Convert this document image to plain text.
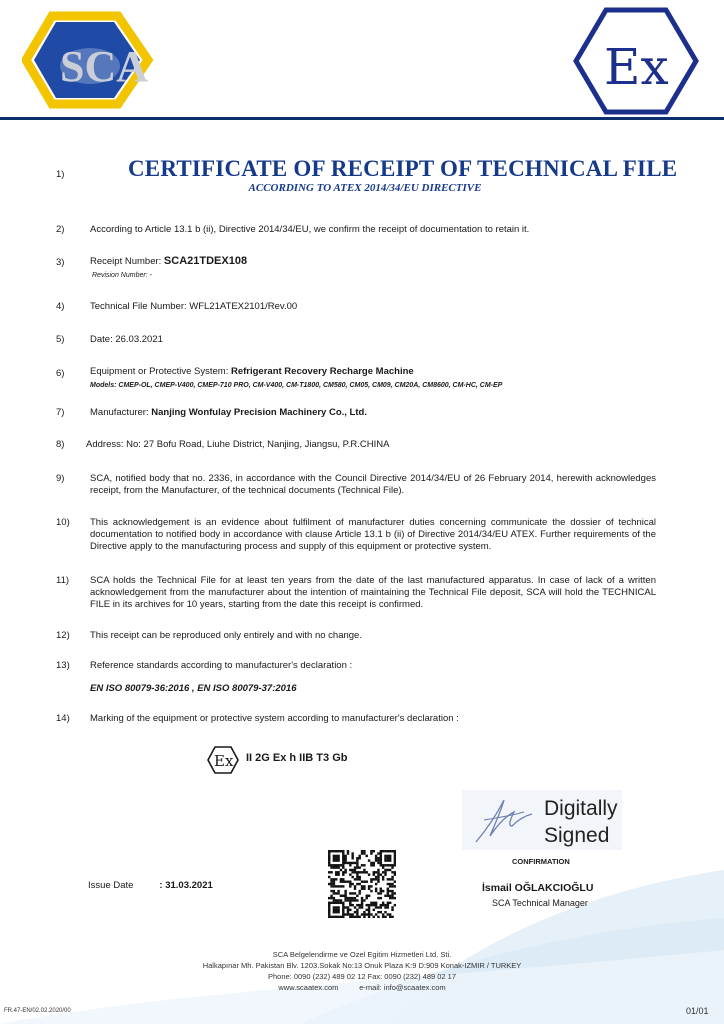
SCA	Ex
1)	CERTIFICATE OF RECEIPT OF TECHNICAL FILE
ACCORDING TO ATEX 2014/34/EU DIRECTIVE
2)	According to Article 13.1 b (ii), Directive 2014/34/EU, we confirm the receipt of documentation to retain it.
3)	Receipt Number: SCA21TDEX108
Revision Number: -
4)	Technical File Number: WFL21ATEX2101/Rev.00
5)	Date: 26.03.2021
6)	Equipment or Protective System: Refrigerant Recovery Recharge Machine
Models: CMEP-OL, CMEP-V400, CMEP-710 PRO, CM-V400, CM-T1800, CM580, CM05, CM09, CM20A, CM8600, CM-HC, CM-EP
7)	Manufacturer: Nanjing Wonfulay Precision Machinery Co., Ltd.
8)	Address: No: 27 Bofu Road, Liuhe District, Nanjing, Jiangsu, P.R.CHINA
9)	SCA, notified body that no. 2336, in accordance with the Council Directive 2014/34/EU of 26 February 2014, herewith acknowledges receipt, from the Manufacturer, of the technical documents (Technical File).
10)	This acknowledgement is an evidence about fulfilment of manufacturer duties concerning communicate the dossier of technical documentation to notified body in accordance with clause Article 13.1 b (ii) of Directive 2014/34/EU ATEX. Further requirements of the Directive apply to the manufacturing process and supply of this equipment or protective system.
11)	SCA holds the Technical File for at least ten years from the date of the last manufactured apparatus. In case of lack of a written acknowledgement from the manufacturer about the intention of maintaining the Technical File deposit, SCA will hold the TECHNICAL FILE in its archives for 10 years, starting from the date this receipt is confirmed.
12)	This receipt can be reproduced only entirely and with no change.
13)	Reference standards according to manufacturer's declaration :
EN ISO 80079-36:2016 , EN ISO 80079-37:2016
14)	Marking of the equipment or protective system according to manufacturer's declaration :
Ex II 2G Ex h IIB T3 Gb
Digitally
Signed
CONFIRMATION
İsmail OĞLAKCIOĞLU
SCA Technical Manager
Issue Date	: 31.03.2021
SCA Belgelendirme ve Ozel Egitim Hizmetleri Ltd. Sti.
Halkapınar Mh. Pakistan Blv. 1203.Sokak No:13 Onuk Plaza K:9 D:909 Konak-IZMIR / TURKEY
Phone: 0090 (232) 489 02 12 Fax: 0090 (232) 489 02 17
www.scaatex.com          e-mail: info@scaatex.com
FR.47-EN/02.02.2020/00	01/01
